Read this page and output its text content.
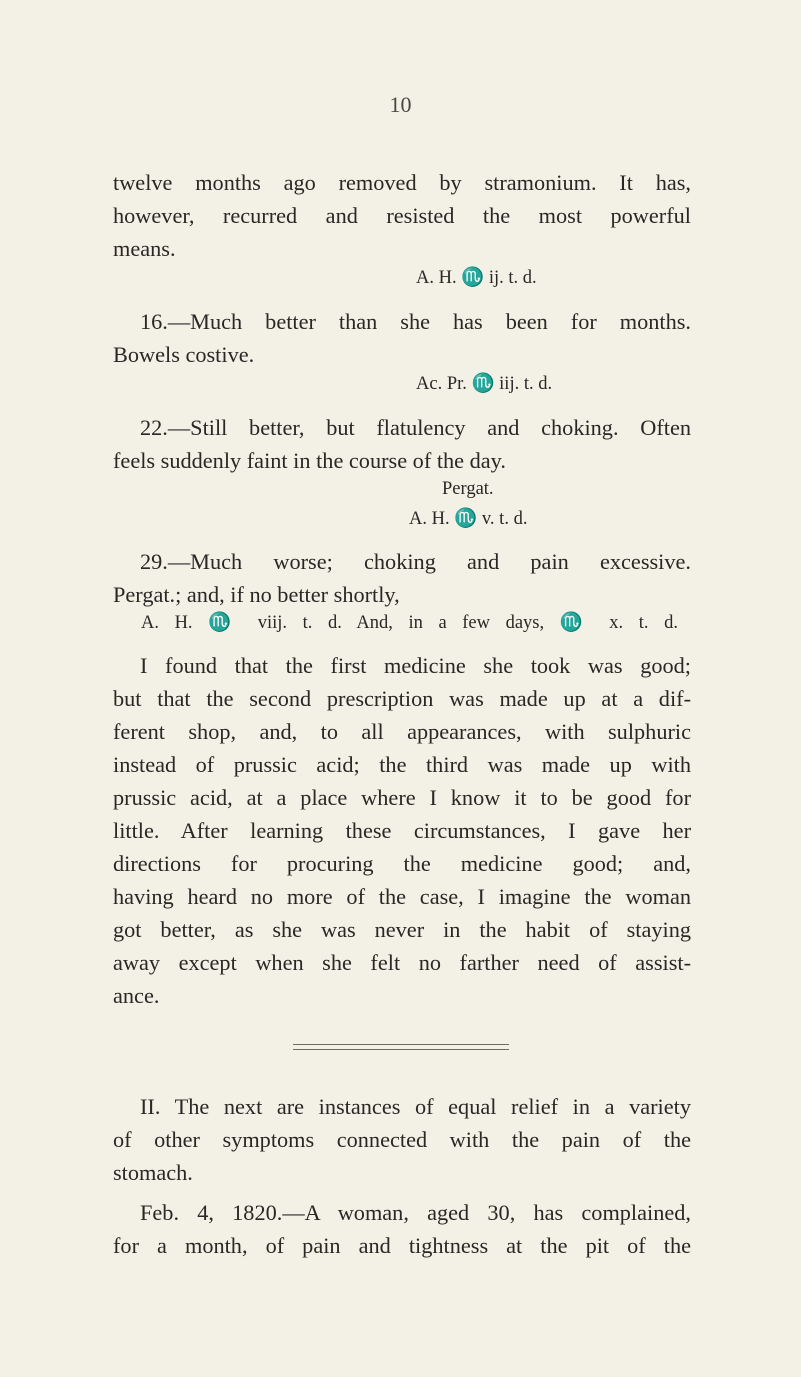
10
twelve months ago removed by stramonium. It has,
however, recurred and resisted the most powerful
means.
A. H. ♏ ij. t. d.
16.—Much better than she has been for months.
Bowels costive.
Ac. Pr. ♏ iij. t. d.
22.—Still better, but flatulency and choking. Often
feels suddenly faint in the course of the day.
Pergat.
A. H. ♏ v. t. d.
29.—Much worse; choking and pain excessive.
Pergat.; and, if no better shortly,
A. H. ♏ viij. t. d. And, in a few days, ♏ x. t. d.
I found that the first medicine she took was good;
but that the second prescription was made up at a dif-
ferent shop, and, to all appearances, with sulphuric
instead of prussic acid; the third was made up with
prussic acid, at a place where I know it to be good for
little. After learning these circumstances, I gave her
directions for procuring the medicine good; and,
having heard no more of the case, I imagine the woman
got better, as she was never in the habit of staying
away except when she felt no farther need of assist-
ance.
II. The next are instances of equal relief in a variety
of other symptoms connected with the pain of the
stomach.
Feb. 4, 1820.—A woman, aged 30, has complained,
for a month, of pain and tightness at the pit of the
